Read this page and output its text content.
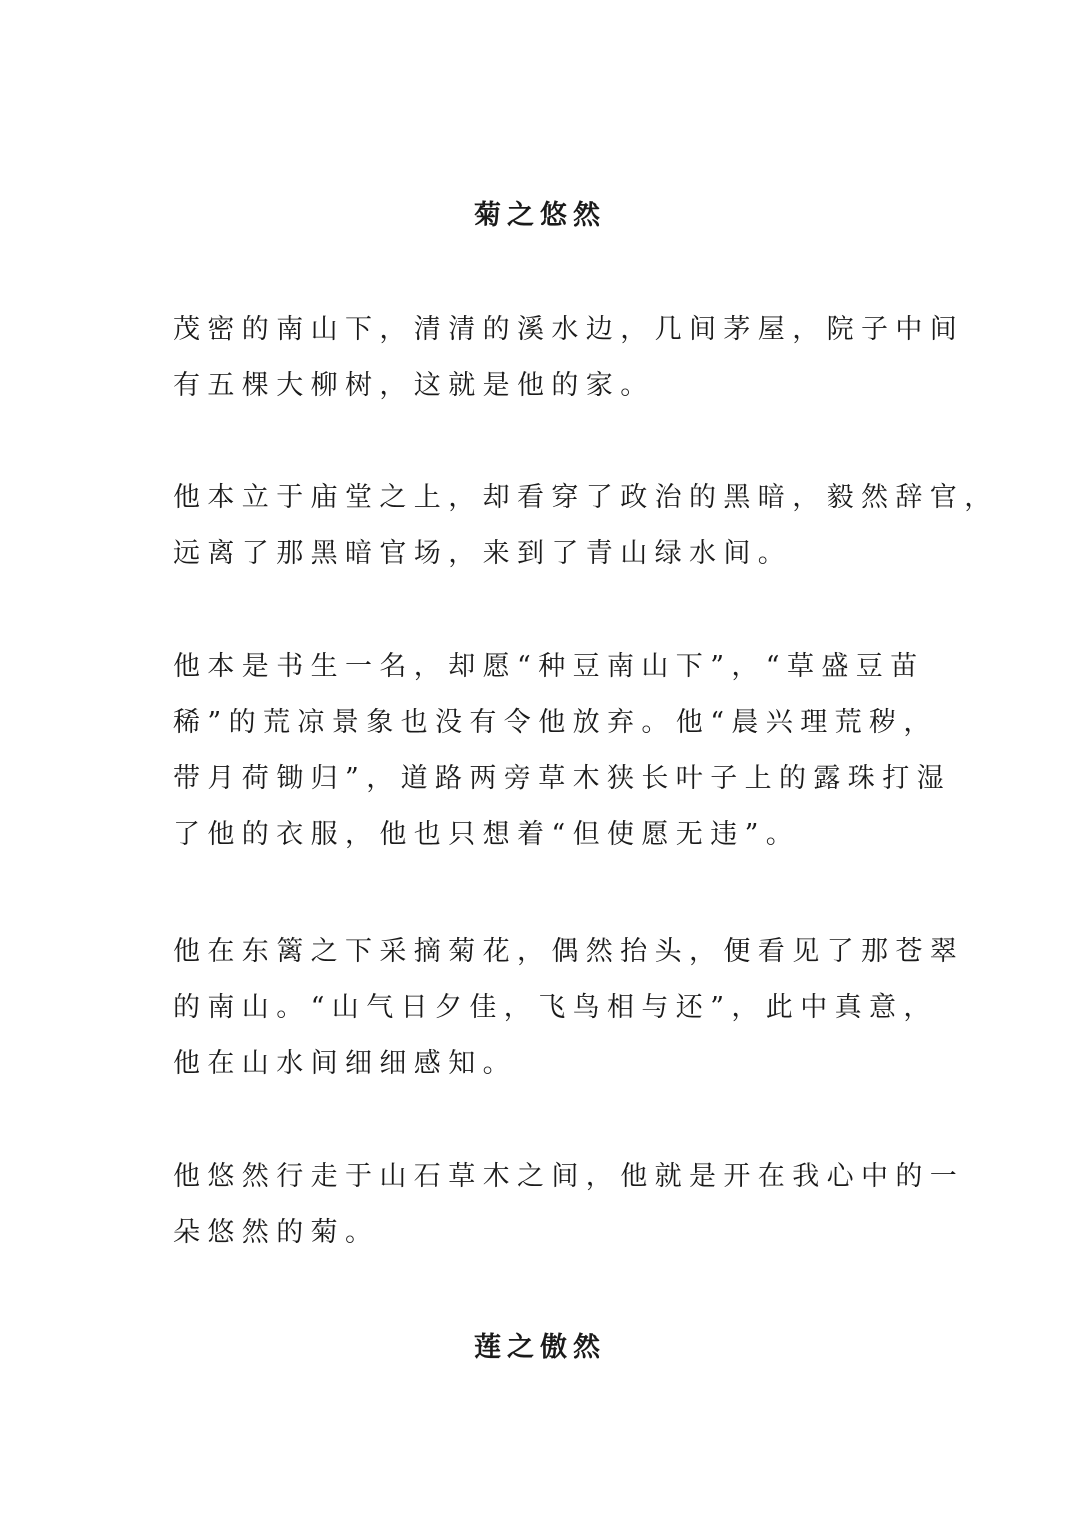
菊之悠然
茂密的南山下，清清的溪水边，几间茅屋，院子中间
有五棵大柳树，这就是他的家。
他本立于庙堂之上，却看穿了政治的黑暗，毅然辞官，
远离了那黑暗官场，来到了青山绿水间。
他本是书生一名，却愿“种豆南山下”，“草盛豆苗
稀”的荒凉景象也没有令他放弃。他“晨兴理荒秽，
带月荷锄归”，道路两旁草木狭长叶子上的露珠打湿
了他的衣服，他也只想着“但使愿无违”。
他在东篱之下采摘菊花，偶然抬头，便看见了那苍翠
的南山。“山气日夕佳，飞鸟相与还”，此中真意，
他在山水间细细感知。
他悠然行走于山石草木之间，他就是开在我心中的一
朵悠然的菊。
莲之傲然
